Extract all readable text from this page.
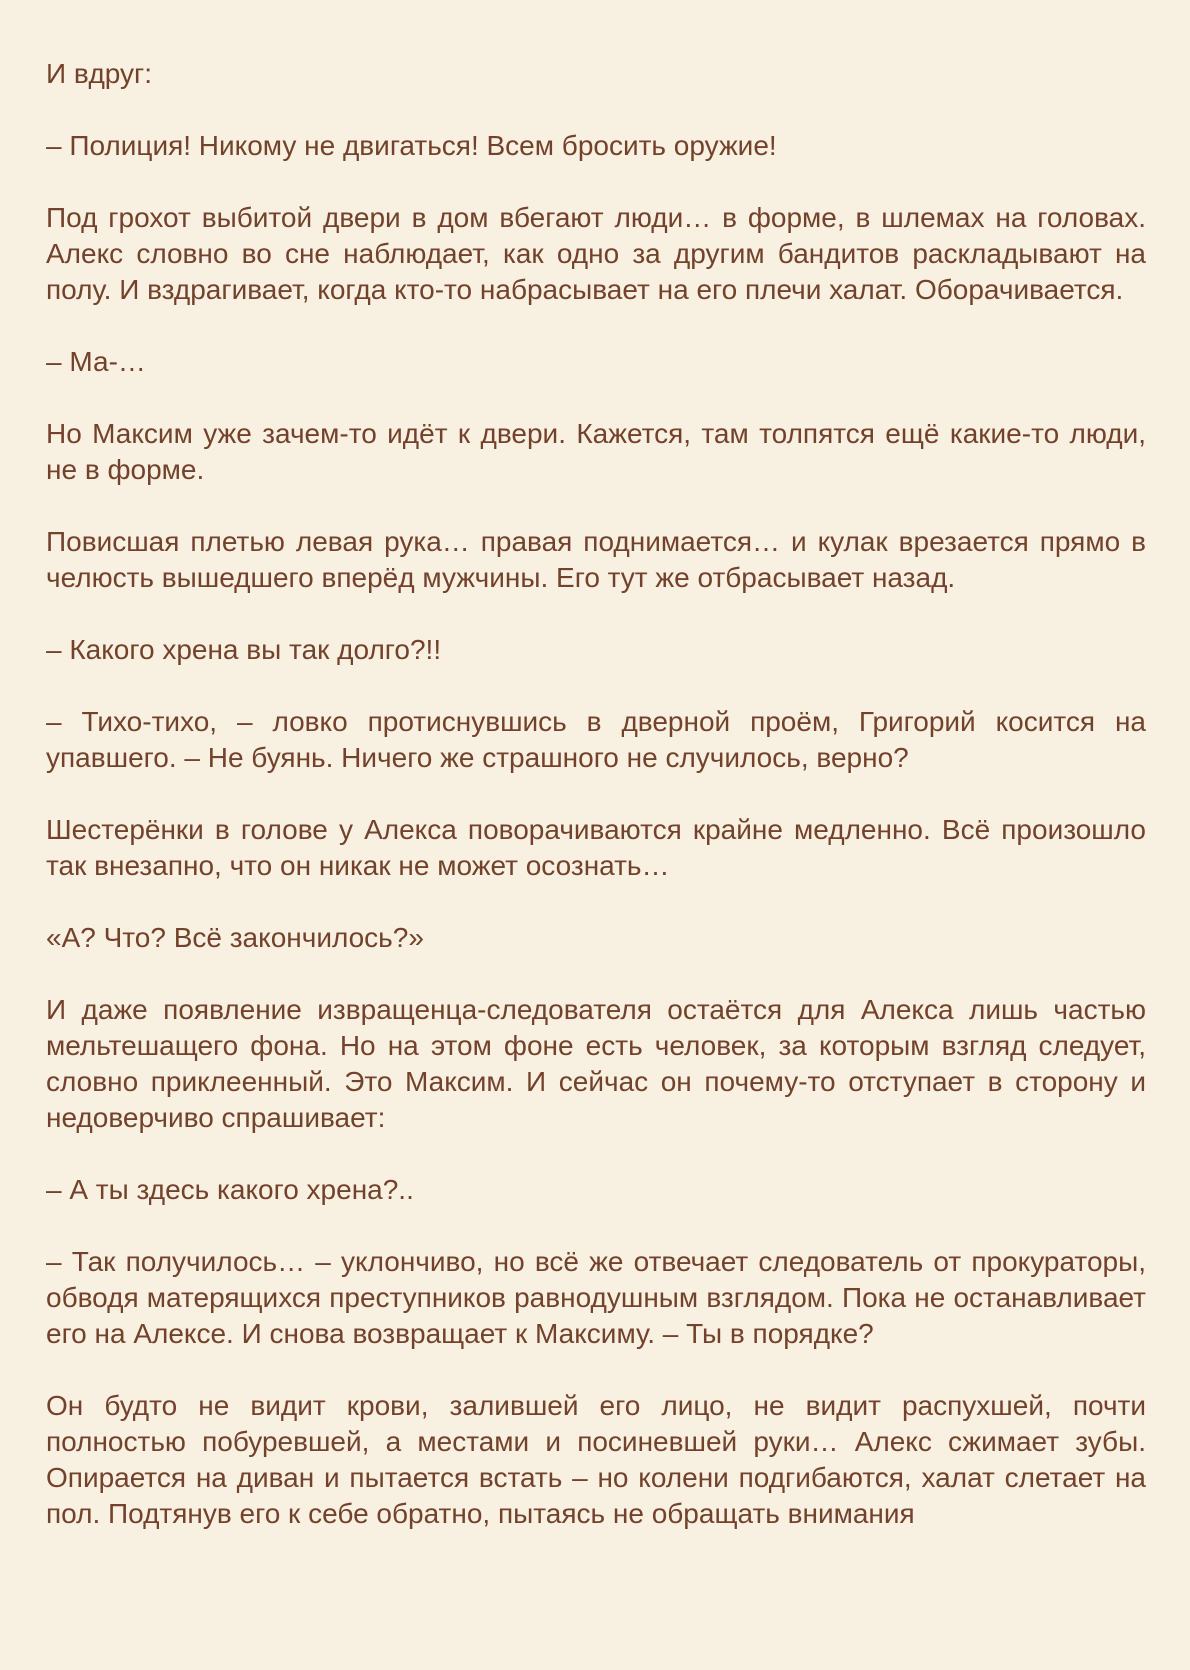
И вдруг:

– Полиция! Никому не двигаться! Всем бросить оружие!

Под грохот выбитой двери в дом вбегают люди… в форме, в шлемах на головах. Алекс словно во сне наблюдает, как одно за другим бандитов раскладывают на полу. И вздрагивает, когда кто-то набрасывает на его плечи халат. Оборачивается.

– Ма-…

Но Максим уже зачем-то идёт к двери. Кажется, там толпятся ещё какие-то люди, не в форме.

Повисшая плетью левая рука… правая поднимается… и кулак врезается прямо в челюсть вышедшего вперёд мужчины. Его тут же отбрасывает назад.

– Какого хрена вы так долго?!!

– Тихо-тихо, – ловко протиснувшись в дверной проём, Григорий косится на упавшего. – Не буянь. Ничего же страшного не случилось, верно?

Шестерёнки в голове у Алекса поворачиваются крайне медленно. Всё произошло так внезапно, что он никак не может осознать…

«А? Что? Всё закончилось?»

И даже появление извращенца-следователя остаётся для Алекса лишь частью мельтешащего фона. Но на этом фоне есть человек, за которым взгляд следует, словно приклеенный. Это Максим. И сейчас он почему-то отступает в сторону и недоверчиво спрашивает:

– А ты здесь какого хрена?..

– Так получилось… – уклончиво, но всё же отвечает следователь от прокураторы, обводя матерящихся преступников равнодушным взглядом. Пока не останавливает его на Алексе. И снова возвращает к Максиму. – Ты в порядке?

Он будто не видит крови, залившей его лицо, не видит распухшей, почти полностью побуревшей, а местами и посиневшей руки… Алекс сжимает зубы. Опирается на диван и пытается встать – но колени подгибаются, халат слетает на пол. Подтянув его к себе обратно, пытаясь не обращать внимания
